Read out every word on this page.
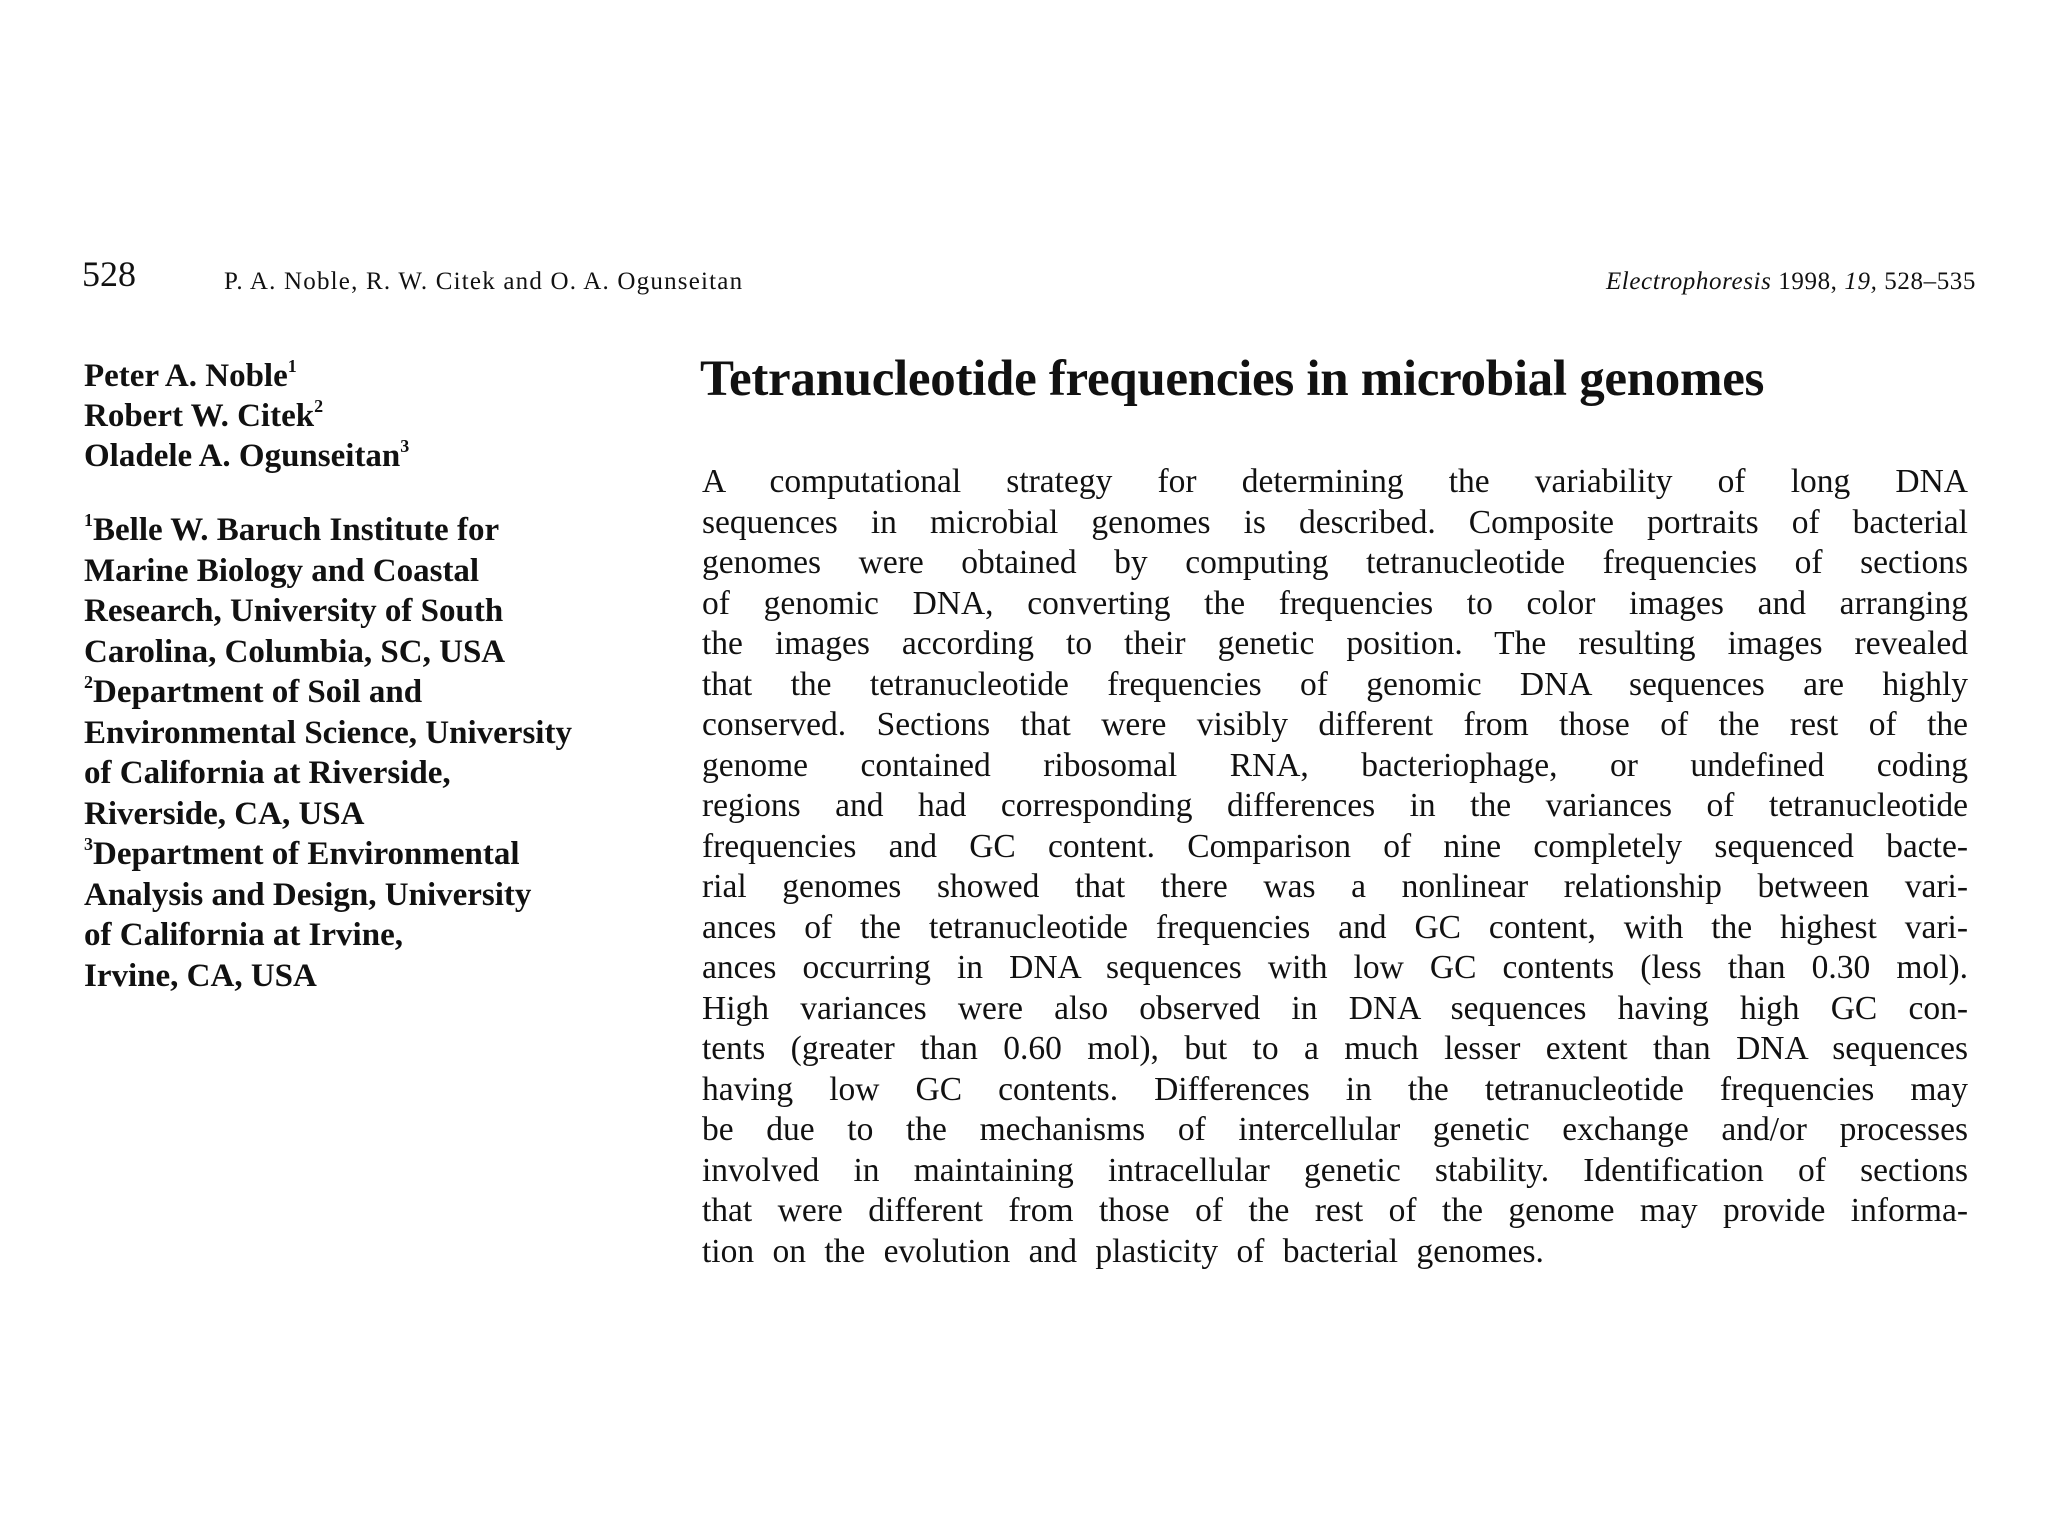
528	P. A. Noble, R. W. Citek and O. A. Ogunseitan	Electrophoresis 1998, 19, 528–535
Peter A. Noble$^1$
Robert W. Citek$^2$
Oladele A. Ogunseitan$^3$
$^1$Belle W. Baruch Institute for
Marine Biology and Coastal
Research, University of South
Carolina, Columbia, SC, USA
$^2$Department of Soil and
Environmental Science, University
of California at Riverside,
Riverside, CA, USA
$^3$Department of Environmental
Analysis and Design, University
of California at Irvine,
Irvine, CA, USA
Tetranucleotide frequencies in microbial genomes
A computational strategy for determining the variability of long DNA
sequences in microbial genomes is described. Composite portraits of bacterial
genomes were obtained by computing tetranucleotide frequencies of sections
of genomic DNA, converting the frequencies to color images and arranging
the images according to their genetic position. The resulting images revealed
that the tetranucleotide frequencies of genomic DNA sequences are highly
conserved. Sections that were visibly different from those of the rest of the
genome contained ribosomal RNA, bacteriophage, or undefined coding
regions and had corresponding differences in the variances of tetranucleotide
frequencies and GC content. Comparison of nine completely sequenced bacte-
rial genomes showed that there was a nonlinear relationship between vari-
ances of the tetranucleotide frequencies and GC content, with the highest vari-
ances occurring in DNA sequences with low GC contents (less than 0.30 mol).
High variances were also observed in DNA sequences having high GC con-
tents (greater than 0.60 mol), but to a much lesser extent than DNA sequences
having low GC contents. Differences in the tetranucleotide frequencies may
be due to the mechanisms of intercellular genetic exchange and/or processes
involved in maintaining intracellular genetic stability. Identification of sections
that were different from those of the rest of the genome may provide informa-
tion on the evolution and plasticity of bacterial genomes.
